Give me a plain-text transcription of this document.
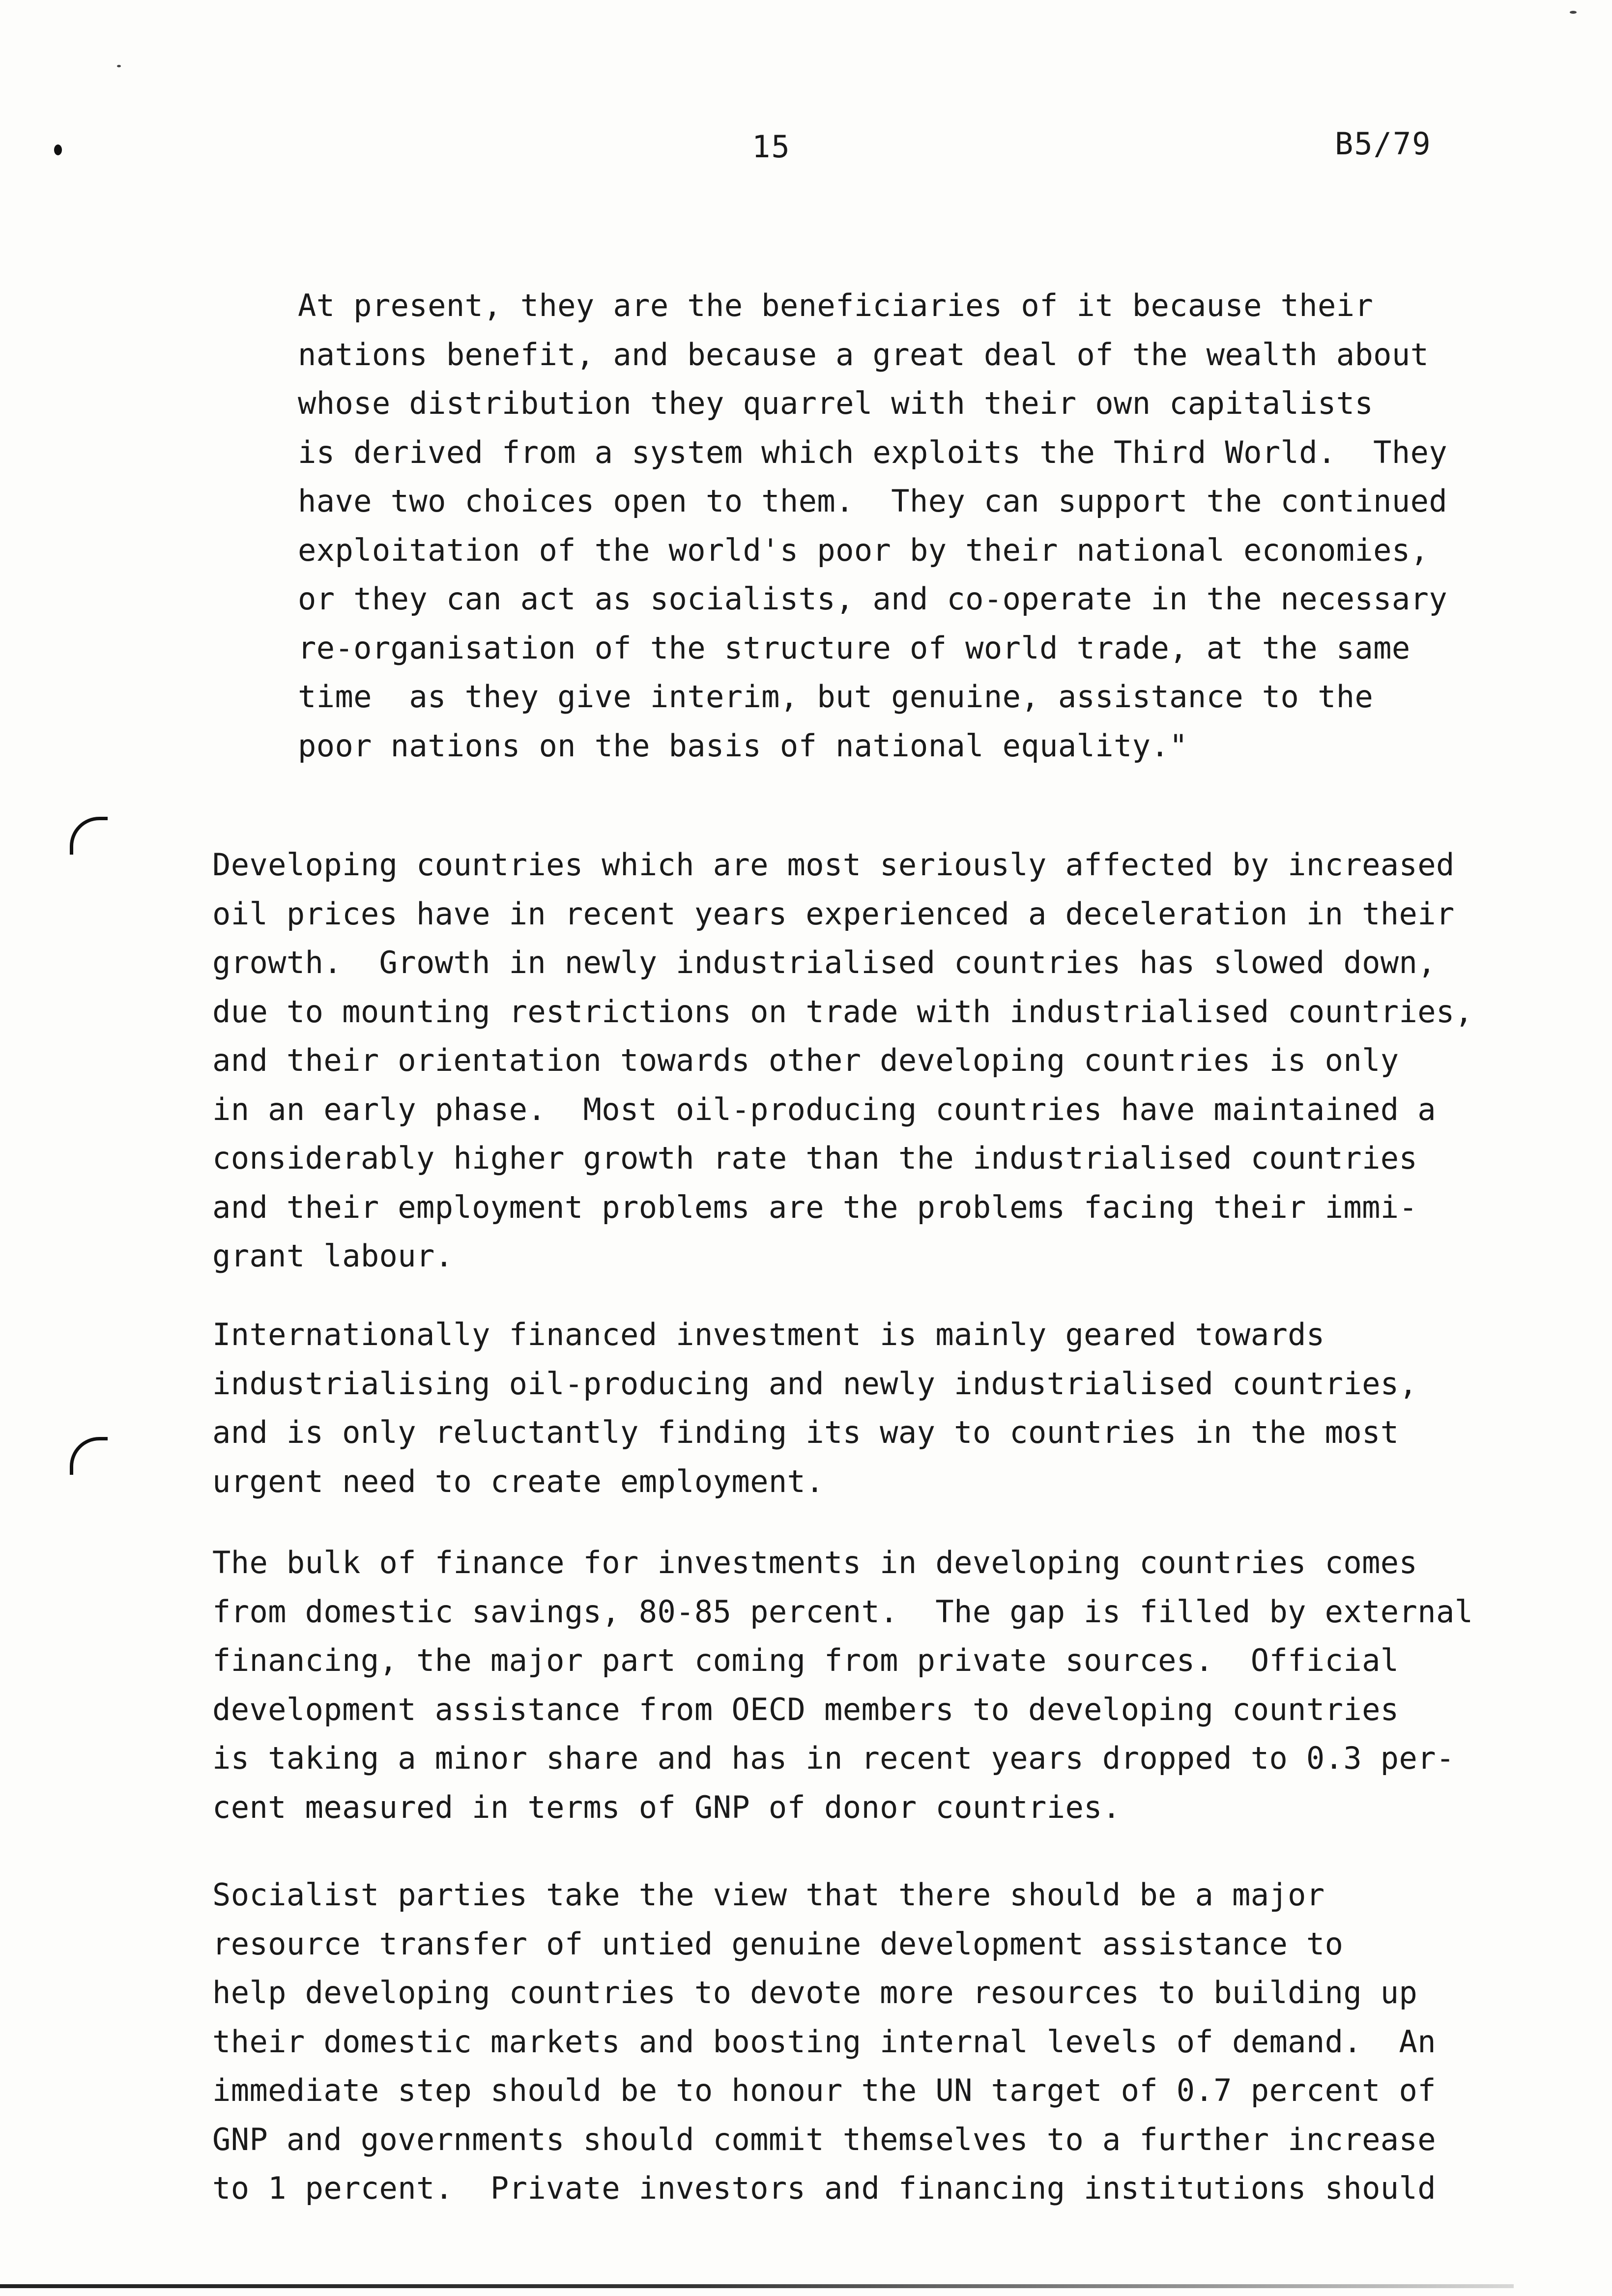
15	B5/79
At present, they are the beneficiaries of it because their
nations benefit, and because a great deal of the wealth about
whose distribution they quarrel with their own capitalists
is derived from a system which exploits the Third World.  They
have two choices open to them.  They can support the continued
exploitation of the world's poor by their national economies,
or they can act as socialists, and co-operate in the necessary
re-organisation of the structure of world trade, at the same
time  as they give interim, but genuine, assistance to the
poor nations on the basis of national equality."
Developing countries which are most seriously affected by increased
oil prices have in recent years experienced a deceleration in their
growth.  Growth in newly industrialised countries has slowed down,
due to mounting restrictions on trade with industrialised countries,
and their orientation towards other developing countries is only
in an early phase.  Most oil-producing countries have maintained a
considerably higher growth rate than the industrialised countries
and their employment problems are the problems facing their immi-
grant labour.
Internationally financed investment is mainly geared towards
industrialising oil-producing and newly industrialised countries,
and is only reluctantly finding its way to countries in the most
urgent need to create employment.
The bulk of finance for investments in developing countries comes
from domestic savings, 80-85 percent.  The gap is filled by external
financing, the major part coming from private sources.  Official
development assistance from OECD members to developing countries
is taking a minor share and has in recent years dropped to 0.3 per-
cent measured in terms of GNP of donor countries.
Socialist parties take the view that there should be a major
resource transfer of untied genuine development assistance to
help developing countries to devote more resources to building up
their domestic markets and boosting internal levels of demand.  An
immediate step should be to honour the UN target of 0.7 percent of
GNP and governments should commit themselves to a further increase
to 1 percent.  Private investors and financing institutions should
